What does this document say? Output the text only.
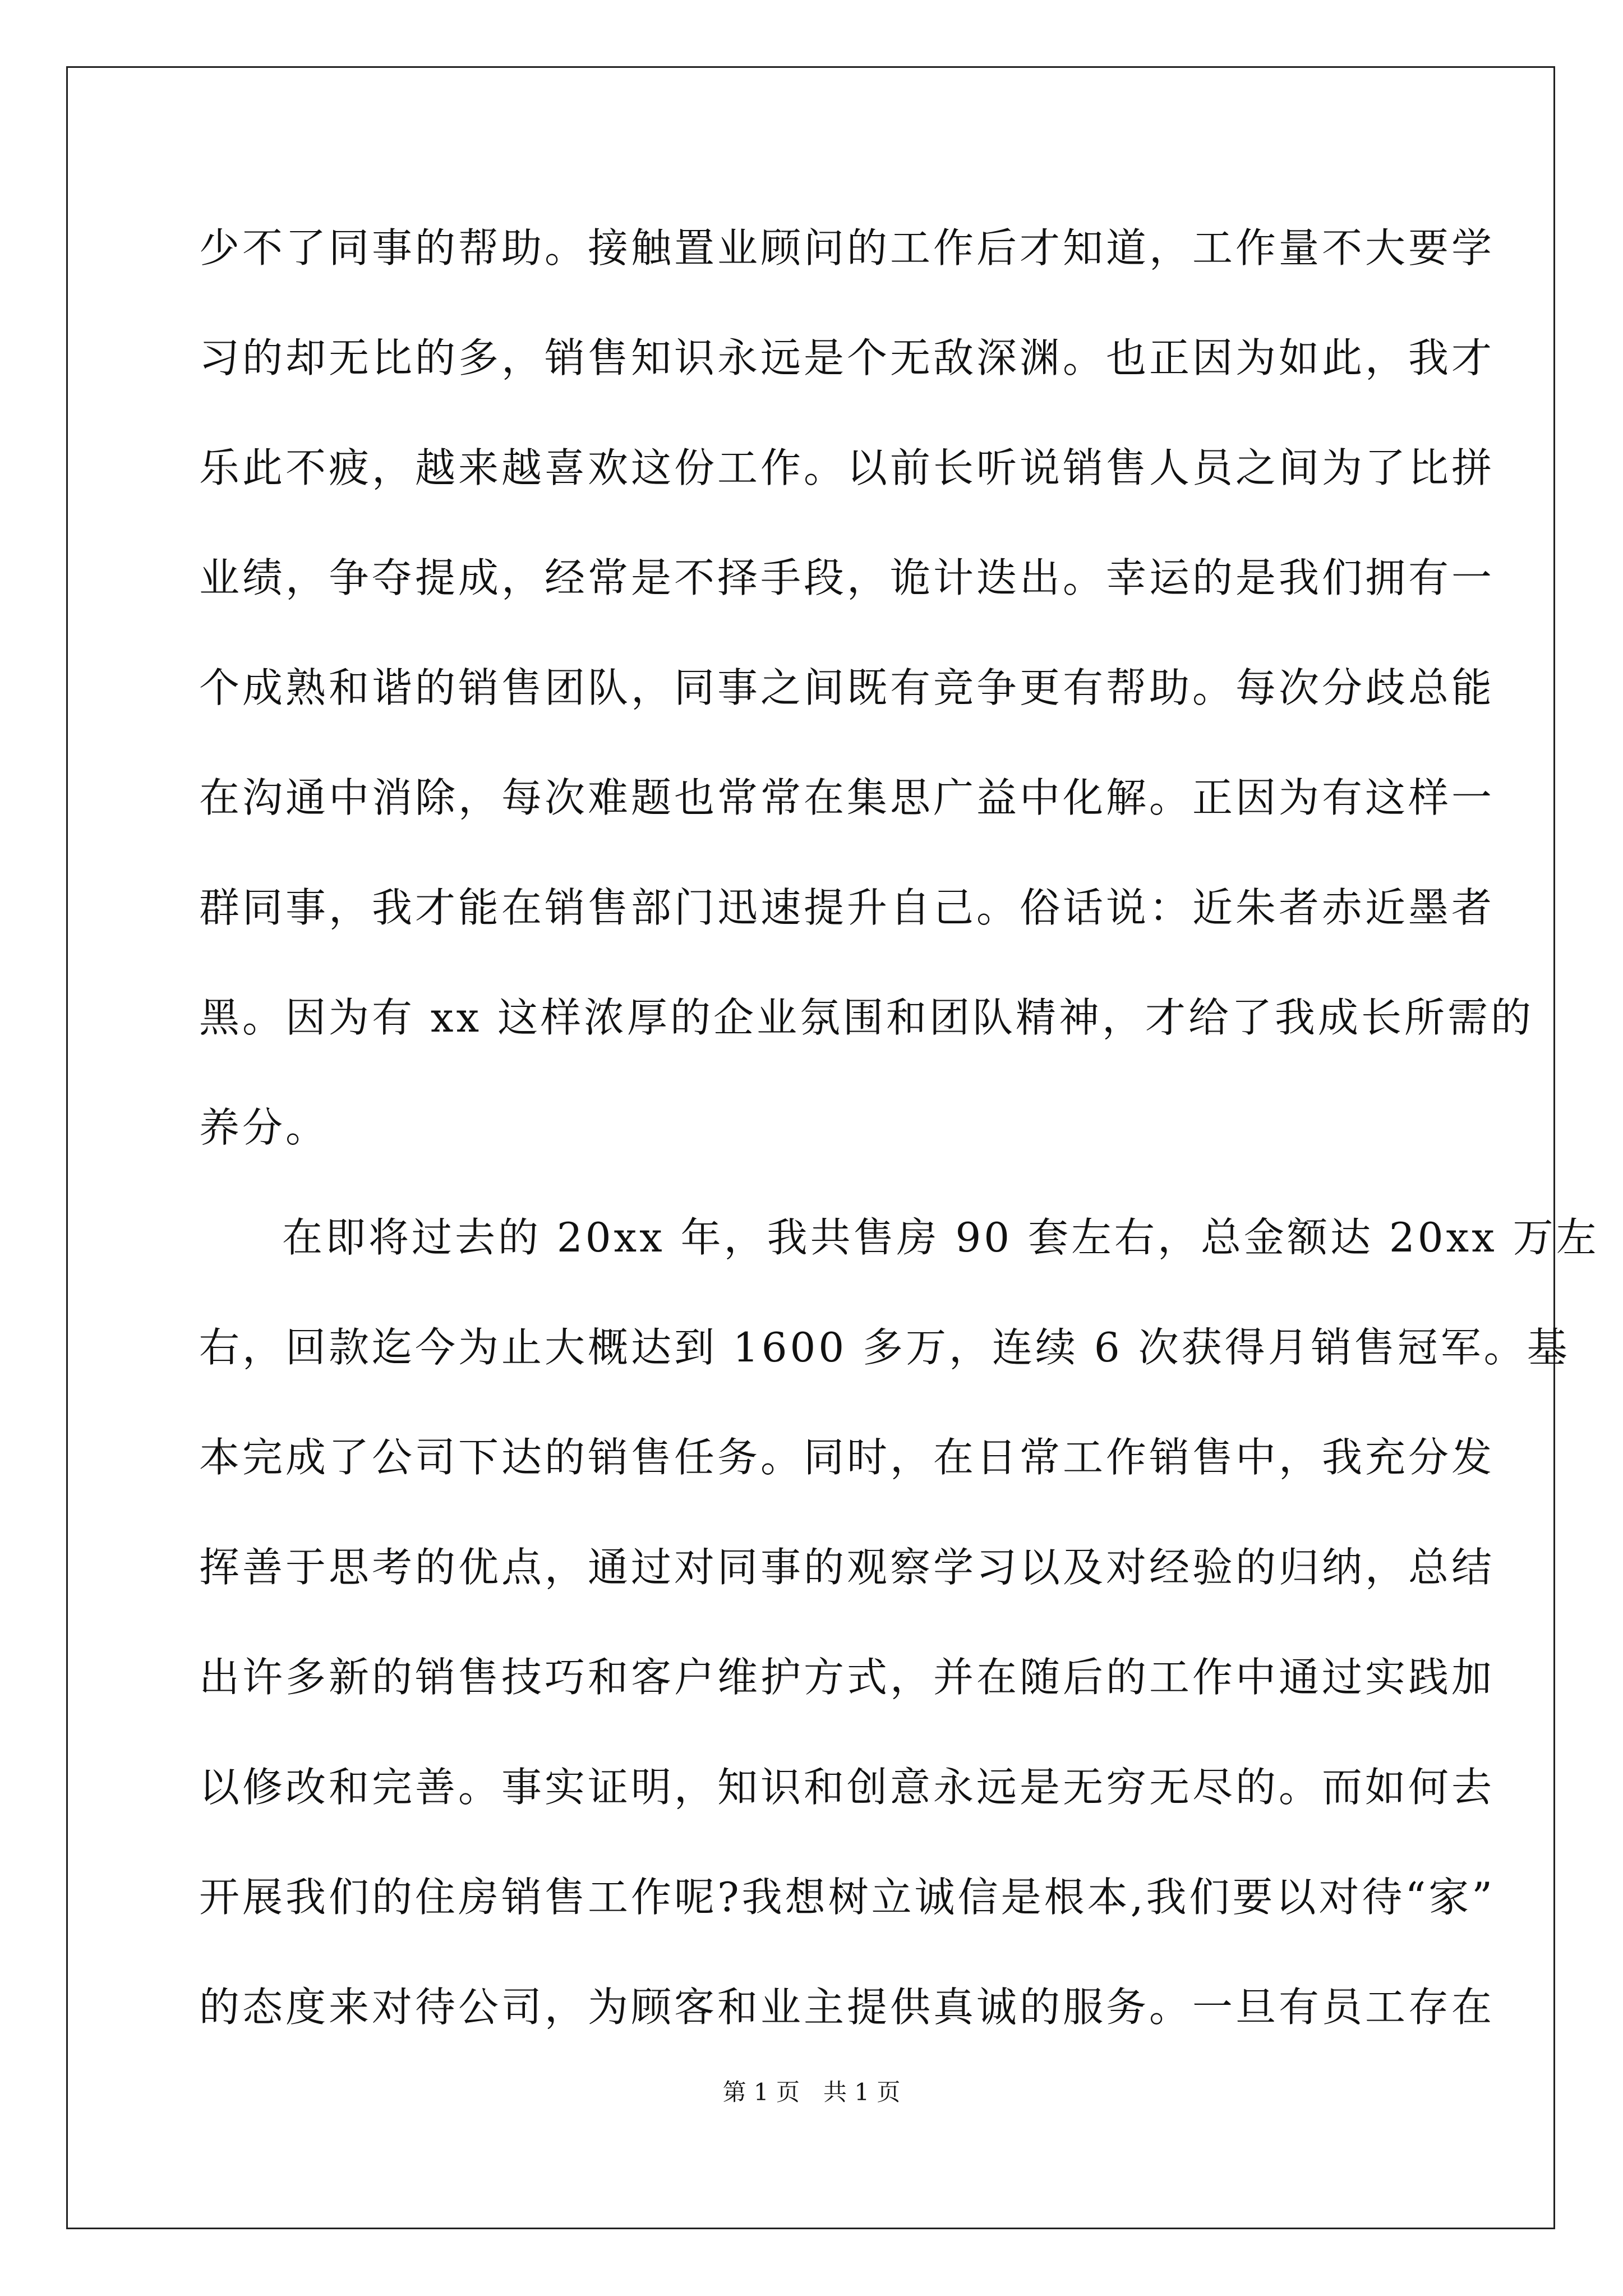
少不了同事的帮助。接触置业顾问的工作后才知道，工作量不大要学
习的却无比的多，销售知识永远是个无敌深渊。也正因为如此，我才
乐此不疲，越来越喜欢这份工作。以前长听说销售人员之间为了比拼
业绩，争夺提成，经常是不择手段，诡计迭出。幸运的是我们拥有一
个成熟和谐的销售团队，同事之间既有竞争更有帮助。每次分歧总能
在沟通中消除，每次难题也常常在集思广益中化解。正因为有这样一
群同事，我才能在销售部门迅速提升自己。俗话说：近朱者赤近墨者
黑。因为有 xx 这样浓厚的企业氛围和团队精神，才给了我成长所需的
养分。
在即将过去的 20xx 年，我共售房 90 套左右，总金额达 20xx 万左
右，回款迄今为止大概达到 1600 多万，连续 6 次获得月销售冠军。基
本完成了公司下达的销售任务。同时，在日常工作销售中，我充分发
挥善于思考的优点，通过对同事的观察学习以及对经验的归纳，总结
出许多新的销售技巧和客户维护方式，并在随后的工作中通过实践加
以修改和完善。事实证明，知识和创意永远是无穷无尽的。而如何去
开展我们的住房销售工作呢?我想树立诚信是根本,我们要以对待“家”
的态度来对待公司，为顾客和业主提供真诚的服务。一旦有员工存在
第 1 页　共 1 页
